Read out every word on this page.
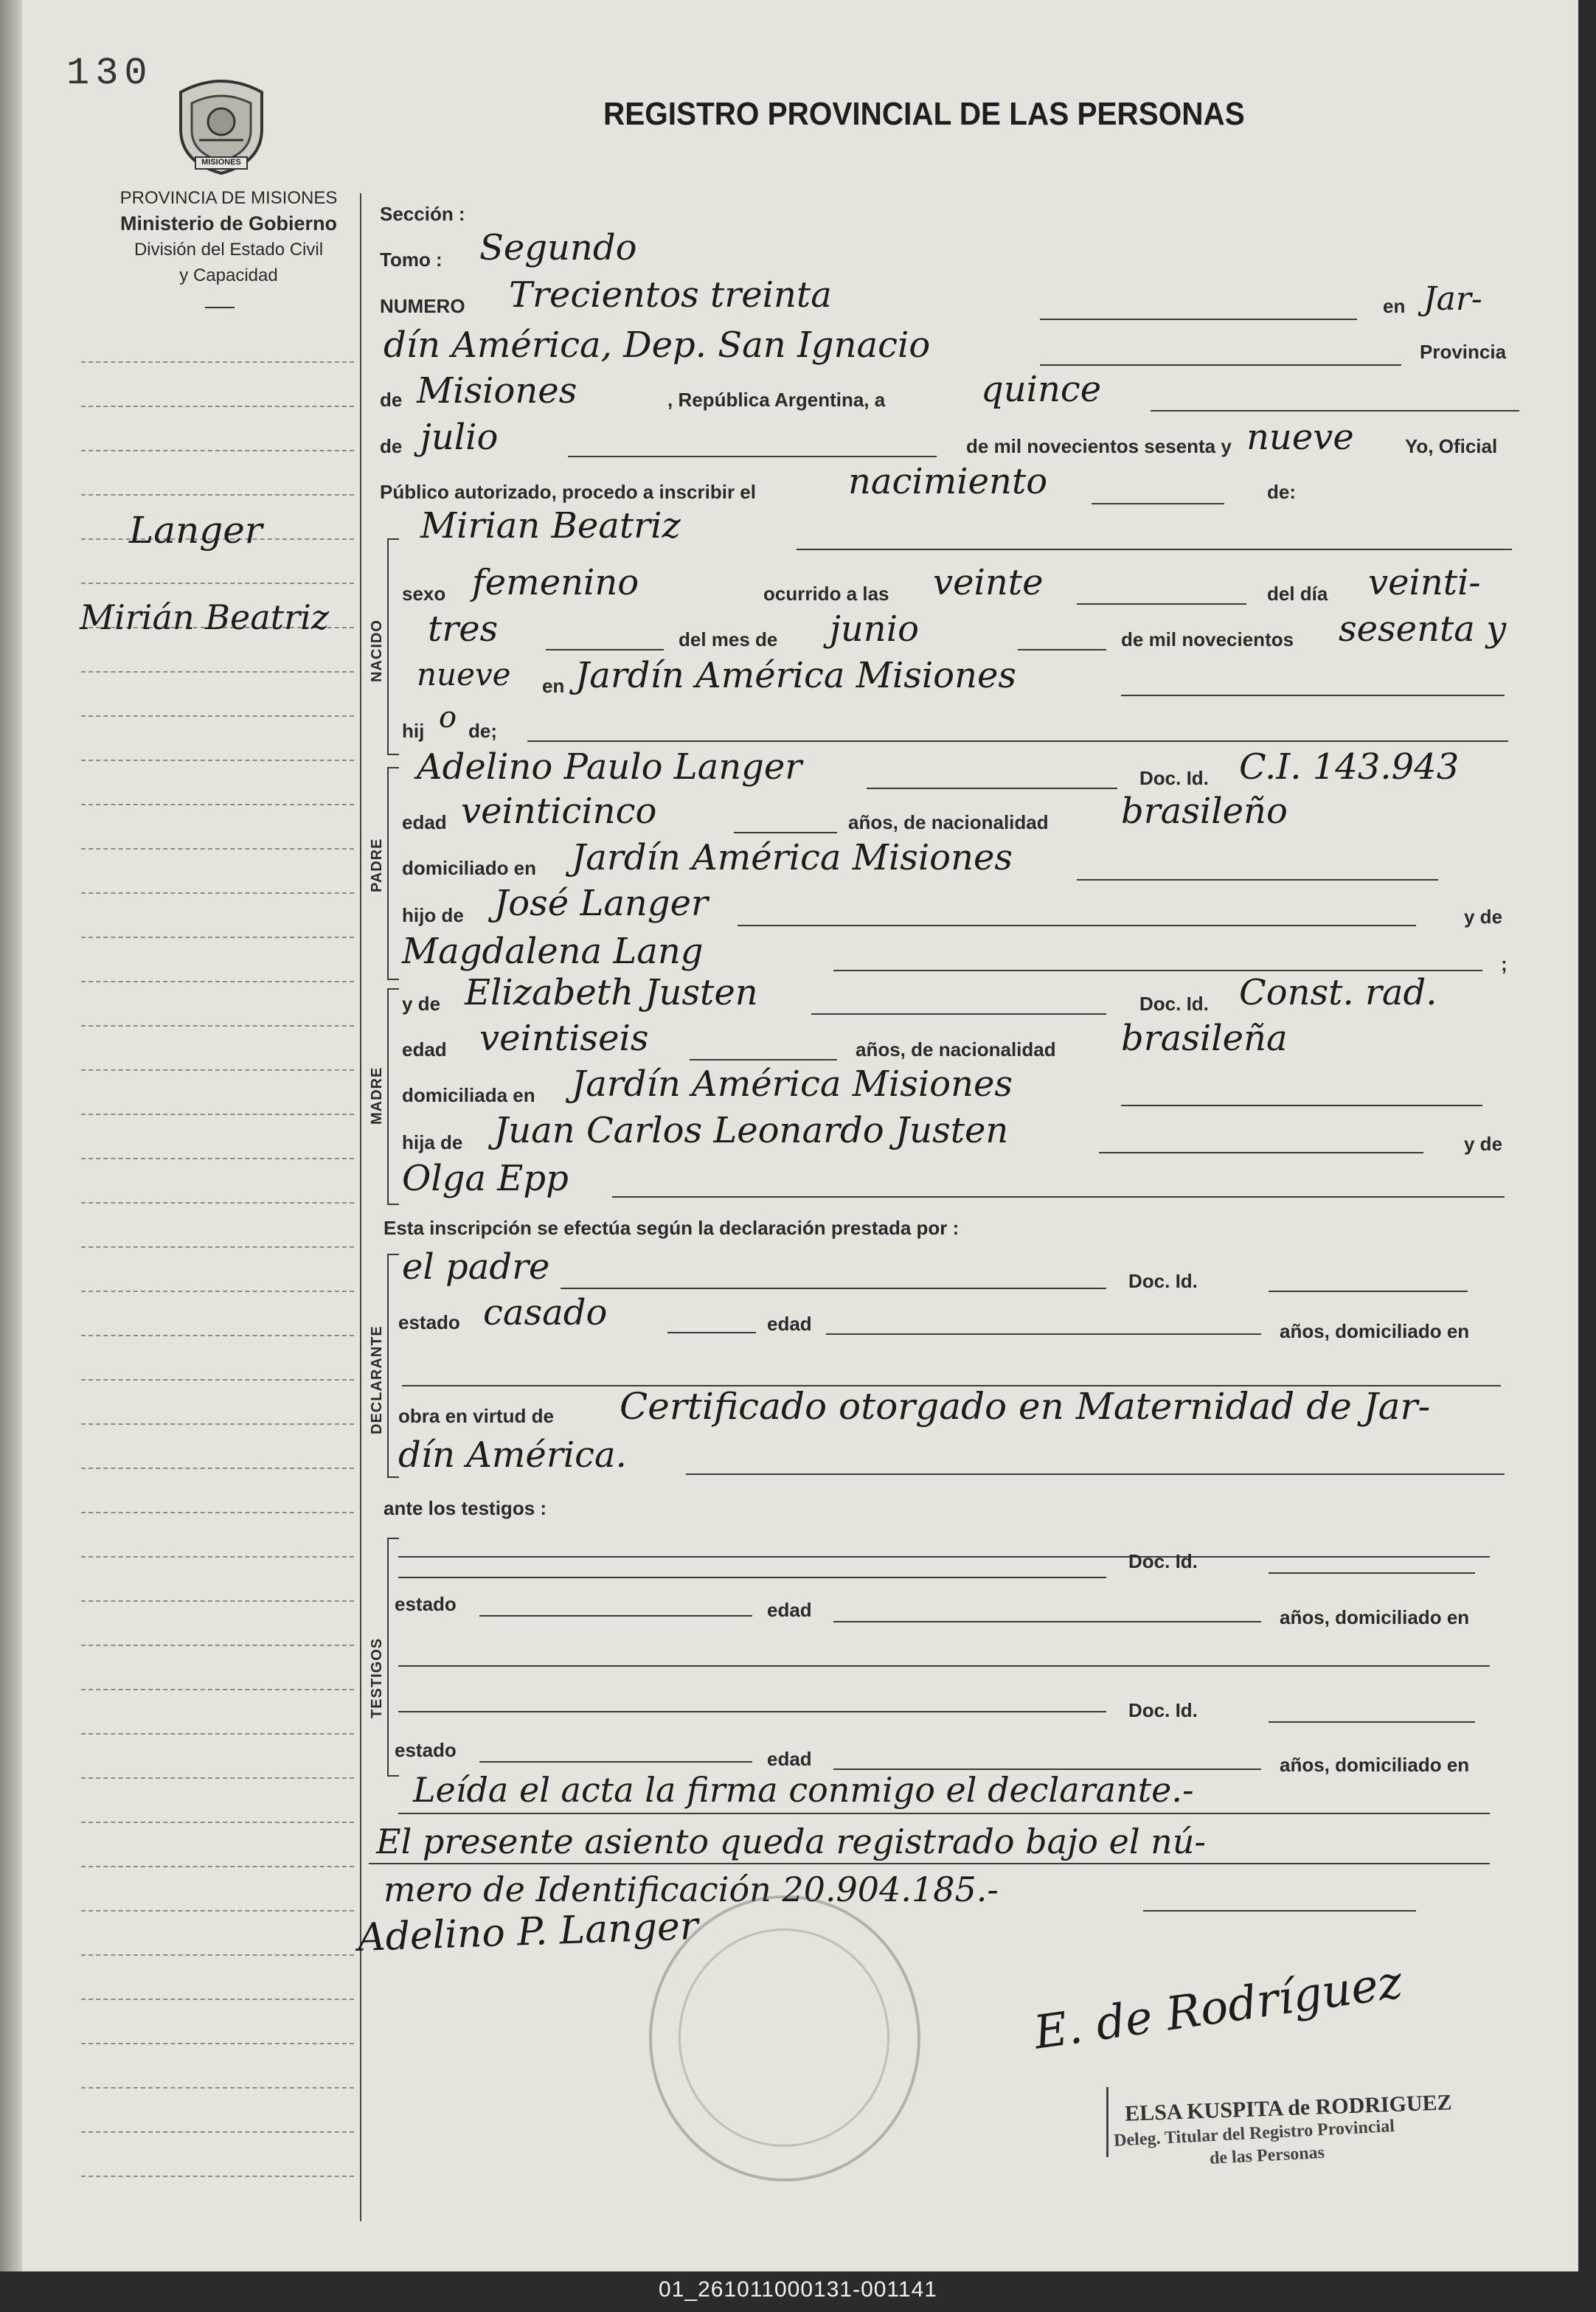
130
MISIONES
REGISTRO PROVINCIAL DE LAS PERSONAS
PROVINCIA DE MISIONES
Ministerio de Gobierno
División del Estado Civil
y Capacidad
Langer
Mirián Beatriz
Sección :
Tomo : Segundo
NUMERO Trecientos treinta	en Jar-
dín América, Dep. San Ignacio	Provincia
de Misiones	, República Argentina, a	quince
de julio	de mil novecientos sesenta y nueve	Yo, Oficial
Público autorizado, procedo a inscribir el	nacimiento	de:
NACIDO
Mirian Beatriz
sexo femenino	ocurrido a las veinte	del día veinti-
tres	del mes de junio	de mil novecientos sesenta y
nueve en Jardín América Misiones
hij o de;
PADRE
Adelino Paulo Langer	Doc. Id. C.I. 143.943
edad veinticinco	años, de nacionalidad brasileño
domiciliado en Jardín América Misiones
hijo de José Langer	y de
Magdalena Lang	;
MADRE
y de Elizabeth Justen	Doc. Id. Const. rad.
edad veintiseis	años, de nacionalidad brasileña
domiciliada en Jardín América Misiones
hija de Juan Carlos Leonardo Justen	y de
Olga Epp
Esta inscripción se efectúa según la declaración prestada por :
DECLARANTE
el padre	Doc. Id.
estado casado	edad	años, domiciliado en
obra en virtud de Certificado otorgado en Maternidad de Jar-
dín América.
ante los testigos :
TESTIGOS
Doc. Id.
estado	edad	años, domiciliado en
Doc. Id.
estado	edad	años, domiciliado en
Leída el acta la firma conmigo el declarante.-
El presente asiento queda registrado bajo el nú-
mero de Identificación 20.904.185.-
Adelino P. Langer
E. de Rodríguez
ELSA KUSPITA de RODRIGUEZ
Deleg. Titular del Registro Provincial
de las Personas
01_261011000131-001141
